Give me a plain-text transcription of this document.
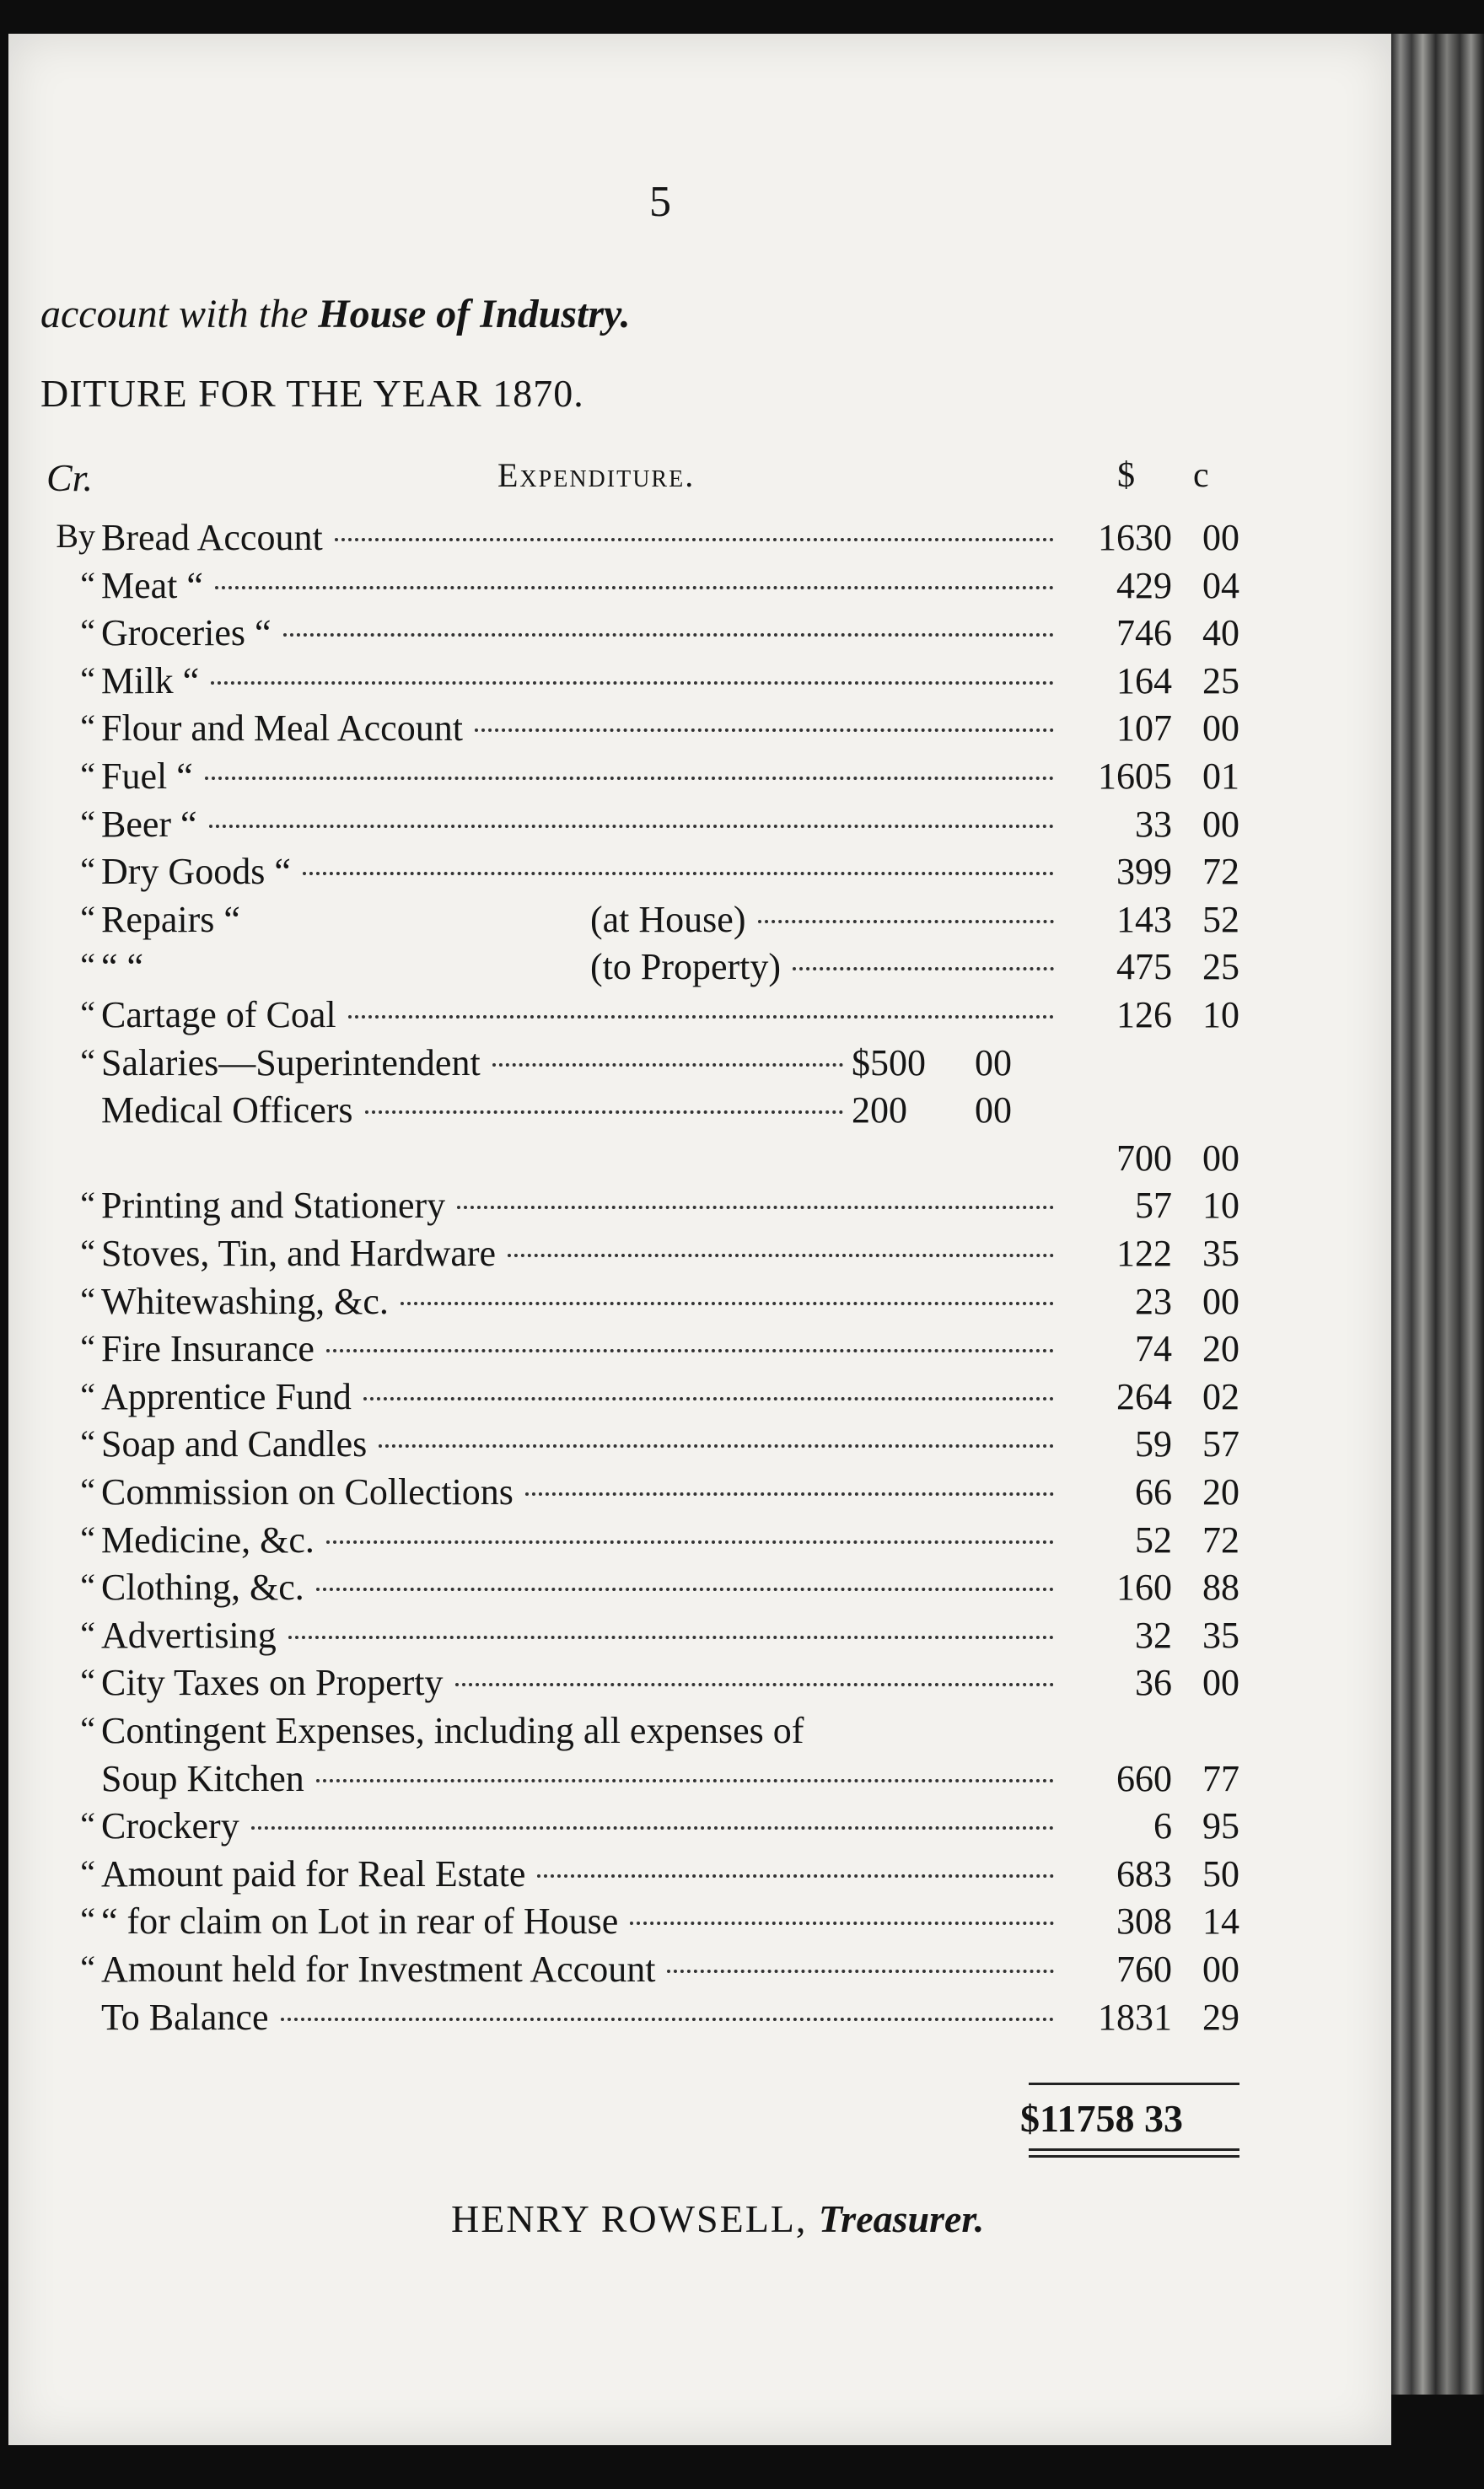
5
account with the House of Industry.
DITURE FOR THE YEAR 1870.
Cr.	Expenditure.	$ c
By Bread Account	1630 00
“ Meat “	429 04
“ Groceries “	746 40
“ Milk “	164 25
“ Flour and Meal Account	107 00
“ Fuel “	1605 01
“ Beer “	33 00
“ Dry Goods “	399 72
“ Repairs “	(at House)	143 52
“ “ “	(to Property)	475 25
“ Cartage of Coal	126 10
“ Salaries—Superintendent	$500	00
Medical Officers	200	00
700 00
“ Printing and Stationery	57 10
“ Stoves, Tin, and Hardware	122 35
“ Whitewashing, &c.	23 00
“ Fire Insurance	74 20
“ Apprentice Fund	264 02
“ Soap and Candles	59 57
“ Commission on Collections	66 20
“ Medicine, &c.	52 72
“ Clothing, &c.	160 88
“ Advertising	32 35
“ City Taxes on Property	36 00
“ Contingent Expenses, including all expenses of
Soup Kitchen	660 77
“ Crockery	6 95
“ Amount paid for Real Estate	683 50
“ “ for claim on Lot in rear of House	308 14
“ Amount held for Investment Account	760 00
To Balance	1831 29
$11758 33
HENRY ROWSELL, Treasurer.
